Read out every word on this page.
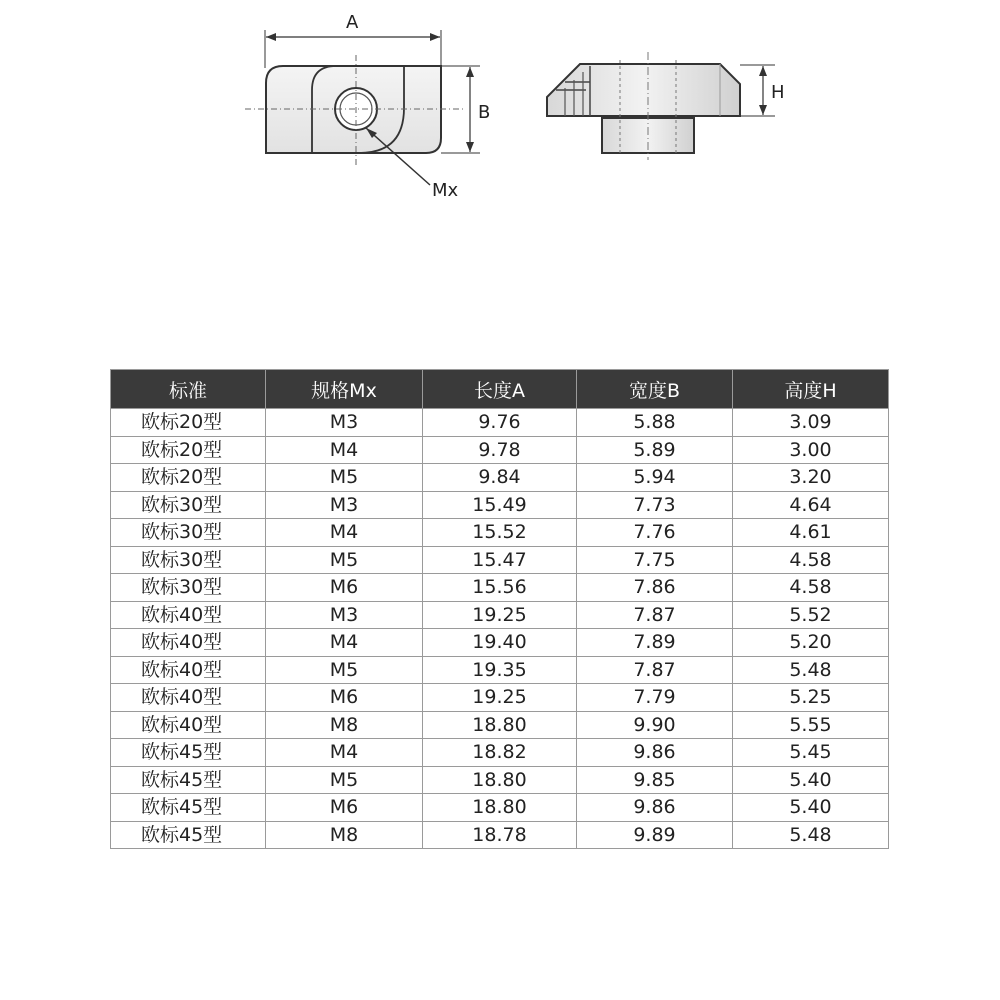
A
B
H
Mx
标准	规格Mx	长度A	宽度B	高度H
欧标20型	M3	9.76	5.88	3.09
欧标20型	M4	9.78	5.89	3.00
欧标20型	M5	9.84	5.94	3.20
欧标30型	M3	15.49	7.73	4.64
欧标30型	M4	15.52	7.76	4.61
欧标30型	M5	15.47	7.75	4.58
欧标30型	M6	15.56	7.86	4.58
欧标40型	M3	19.25	7.87	5.52
欧标40型	M4	19.40	7.89	5.20
欧标40型	M5	19.35	7.87	5.48
欧标40型	M6	19.25	7.79	5.25
欧标40型	M8	18.80	9.90	5.55
欧标45型	M4	18.82	9.86	5.45
欧标45型	M5	18.80	9.85	5.40
欧标45型	M6	18.80	9.86	5.40
欧标45型	M8	18.78	9.89	5.48
